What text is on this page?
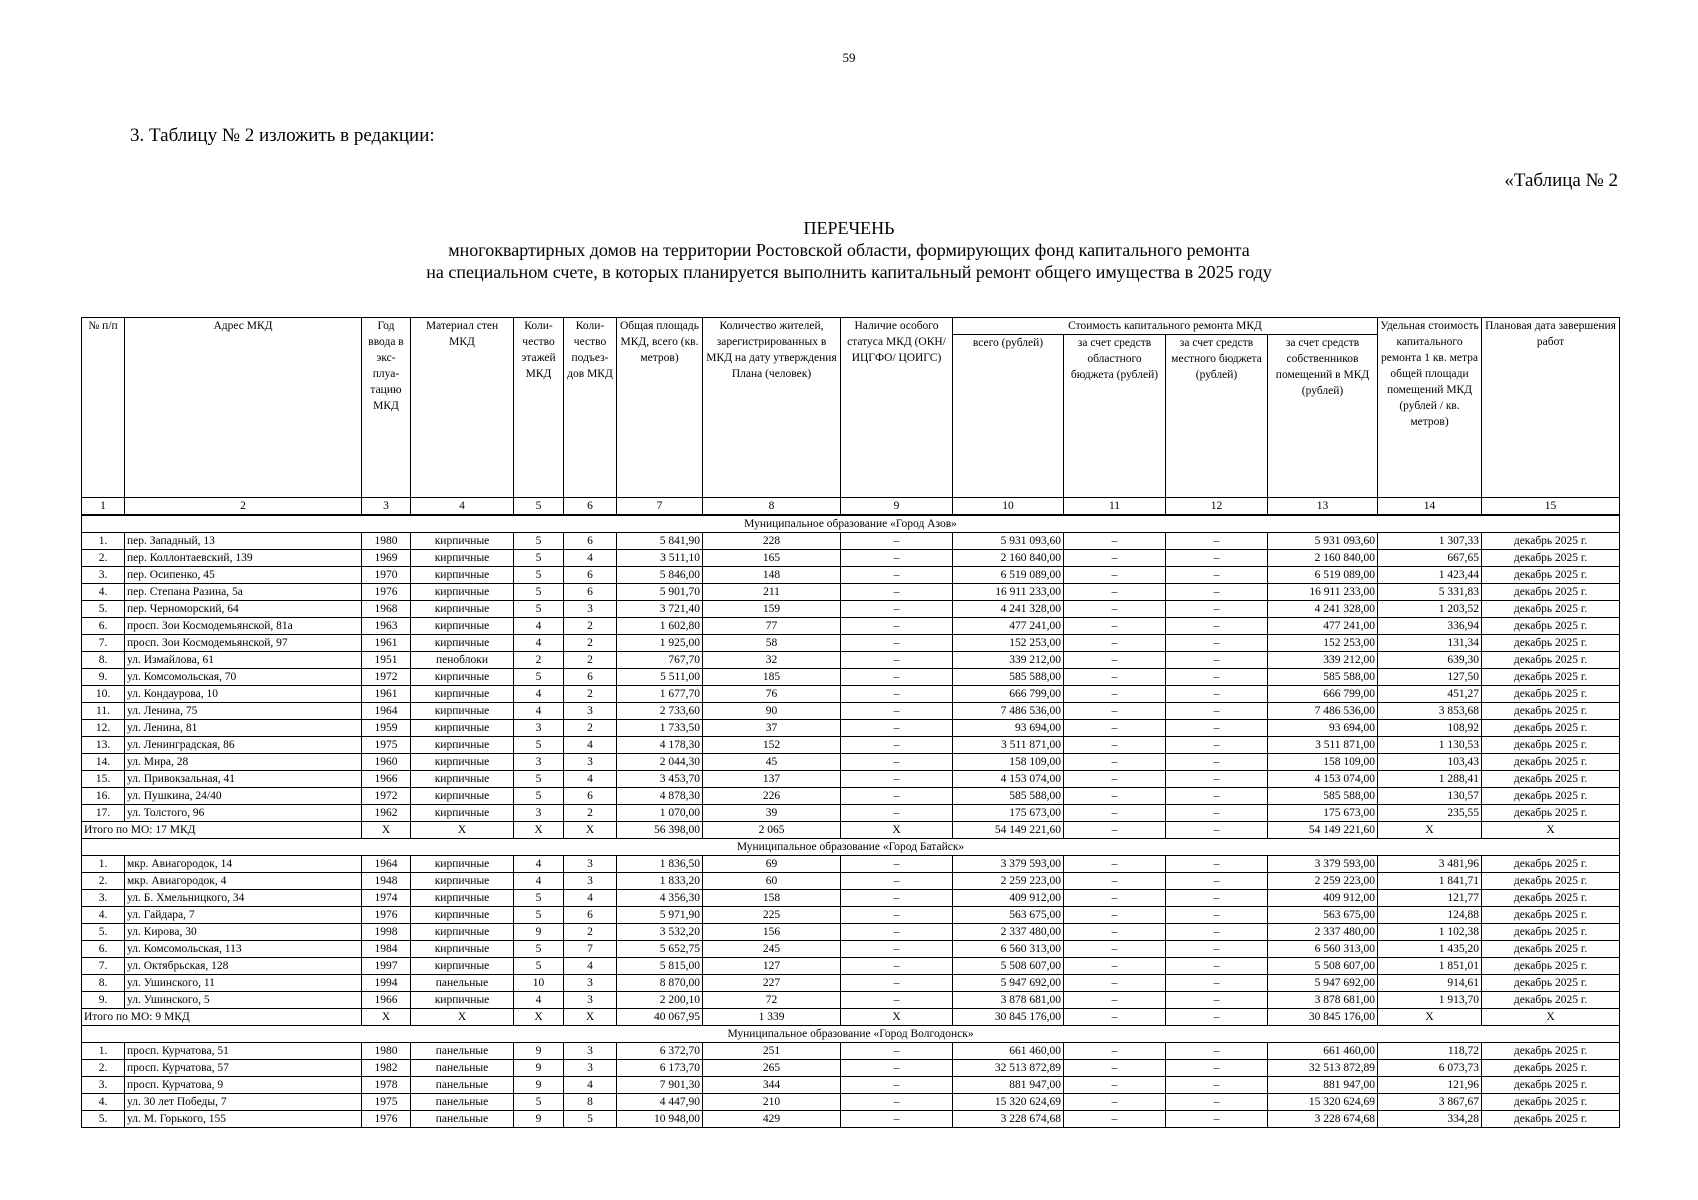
59
3. Таблицу № 2 изложить в редакции:
«Таблица № 2
ПЕРЕЧЕНЬ
многоквартирных домов на территории Ростовской области, формирующих фонд капитального ремонта
на специальном счете, в которых планируется выполнить капитальный ремонт общего имущества в 2025 году
№ п/п	Адрес МКД	Год ввода в экс-плуа-тацию МКД	Материал стен МКД	Коли-чество этажей МКД	Коли-чество подъез-дов МКД	Общая площадь МКД, всего (кв. метров)	Количество жителей, зарегистрированных в МКД на дату утверждения Плана (человек)	Наличие особого статуса МКД (ОКН/ИЦГФО/ ЦОИГС)	Стоимость капитального ремонта МКД				Удельная стоимость капитального ремонта 1 кв. метра общей площади помещений МКД (рублей / кв. метров)	Плановая дата завершения работ
									всего (рублей)	за счет средств областного бюджета (рублей)	за счет средств местного бюджета (рублей)	за счет средств собственников помещений в МКД (рублей)		
1	2	3	4	5	6	7	8	9	10	11	12	13	14	15
Муниципальное образование «Город Азов»														
1.	пер. Западный, 13	1980	кирпичные	5	6	5 841,90	228	–	5 931 093,60	–	–	5 931 093,60	1 307,33	декабрь 2025 г.
2.	пер. Коллонтаевский, 139	1969	кирпичные	5	4	3 511,10	165	–	2 160 840,00	–	–	2 160 840,00	667,65	декабрь 2025 г.
3.	пер. Осипенко, 45	1970	кирпичные	5	6	5 846,00	148	–	6 519 089,00	–	–	6 519 089,00	1 423,44	декабрь 2025 г.
4.	пер. Степана Разина, 5а	1976	кирпичные	5	6	5 901,70	211	–	16 911 233,00	–	–	16 911 233,00	5 331,83	декабрь 2025 г.
5.	пер. Черноморский, 64	1968	кирпичные	5	3	3 721,40	159	–	4 241 328,00	–	–	4 241 328,00	1 203,52	декабрь 2025 г.
6.	просп. Зои Космодемьянской, 81а	1963	кирпичные	4	2	1 602,80	77	–	477 241,00	–	–	477 241,00	336,94	декабрь 2025 г.
7.	просп. Зои Космодемьянской, 97	1961	кирпичные	4	2	1 925,00	58	–	152 253,00	–	–	152 253,00	131,34	декабрь 2025 г.
8.	ул. Измайлова, 61	1951	пеноблоки	2	2	767,70	32	–	339 212,00	–	–	339 212,00	639,30	декабрь 2025 г.
9.	ул. Комсомольская, 70	1972	кирпичные	5	6	5 511,00	185	–	585 588,00	–	–	585 588,00	127,50	декабрь 2025 г.
10.	ул. Кондаурова, 10	1961	кирпичные	4	2	1 677,70	76	–	666 799,00	–	–	666 799,00	451,27	декабрь 2025 г.
11.	ул. Ленина, 75	1964	кирпичные	4	3	2 733,60	90	–	7 486 536,00	–	–	7 486 536,00	3 853,68	декабрь 2025 г.
12.	ул. Ленина, 81	1959	кирпичные	3	2	1 733,50	37	–	93 694,00	–	–	93 694,00	108,92	декабрь 2025 г.
13.	ул. Ленинградская, 86	1975	кирпичные	5	4	4 178,30	152	–	3 511 871,00	–	–	3 511 871,00	1 130,53	декабрь 2025 г.
14.	ул. Мира, 28	1960	кирпичные	3	3	2 044,30	45	–	158 109,00	–	–	158 109,00	103,43	декабрь 2025 г.
15.	ул. Привокзальная, 41	1966	кирпичные	5	4	3 453,70	137	–	4 153 074,00	–	–	4 153 074,00	1 288,41	декабрь 2025 г.
16.	ул. Пушкина, 24/40	1972	кирпичные	5	6	4 878,30	226	–	585 588,00	–	–	585 588,00	130,57	декабрь 2025 г.
17.	ул. Толстого, 96	1962	кирпичные	3	2	1 070,00	39	–	175 673,00	–	–	175 673,00	235,55	декабрь 2025 г.
Итого по МО: 17 МКД		X	X	X	X	56 398,00	2 065	X	54 149 221,60	–	–	54 149 221,60	X	X
Муниципальное образование «Город Батайск»														
1.	мкр. Авиагородок, 14	1964	кирпичные	4	3	1 836,50	69	–	3 379 593,00	–	–	3 379 593,00	3 481,96	декабрь 2025 г.
2.	мкр. Авиагородок, 4	1948	кирпичные	4	3	1 833,20	60	–	2 259 223,00	–	–	2 259 223,00	1 841,71	декабрь 2025 г.
3.	ул. Б. Хмельницкого, 34	1974	кирпичные	5	4	4 356,30	158	–	409 912,00	–	–	409 912,00	121,77	декабрь 2025 г.
4.	ул. Гайдара, 7	1976	кирпичные	5	6	5 971,90	225	–	563 675,00	–	–	563 675,00	124,88	декабрь 2025 г.
5.	ул. Кирова, 30	1998	кирпичные	9	2	3 532,20	156	–	2 337 480,00	–	–	2 337 480,00	1 102,38	декабрь 2025 г.
6.	ул. Комсомольская, 113	1984	кирпичные	5	7	5 652,75	245	–	6 560 313,00	–	–	6 560 313,00	1 435,20	декабрь 2025 г.
7.	ул. Октябрьская, 128	1997	кирпичные	5	4	5 815,00	127	–	5 508 607,00	–	–	5 508 607,00	1 851,01	декабрь 2025 г.
8.	ул. Ушинского, 11	1994	панельные	10	3	8 870,00	227	–	5 947 692,00	–	–	5 947 692,00	914,61	декабрь 2025 г.
9.	ул. Ушинского, 5	1966	кирпичные	4	3	2 200,10	72	–	3 878 681,00	–	–	3 878 681,00	1 913,70	декабрь 2025 г.
Итого по МО: 9 МКД		X	X	X	X	40 067,95	1 339	X	30 845 176,00	–	–	30 845 176,00	X	X
Муниципальное образование «Город Волгодонск»														
1.	просп. Курчатова, 51	1980	панельные	9	3	6 372,70	251	–	661 460,00	–	–	661 460,00	118,72	декабрь 2025 г.
2.	просп. Курчатова, 57	1982	панельные	9	3	6 173,70	265	–	32 513 872,89	–	–	32 513 872,89	6 073,73	декабрь 2025 г.
3.	просп. Курчатова, 9	1978	панельные	9	4	7 901,30	344	–	881 947,00	–	–	881 947,00	121,96	декабрь 2025 г.
4.	ул. 30 лет Победы, 7	1975	панельные	5	8	4 447,90	210	–	15 320 624,69	–	–	15 320 624,69	3 867,67	декабрь 2025 г.
5.	ул. М. Горького, 155	1976	панельные	9	5	10 948,00	429	–	3 228 674,68	–	–	3 228 674,68	334,28	декабрь 2025 г.
